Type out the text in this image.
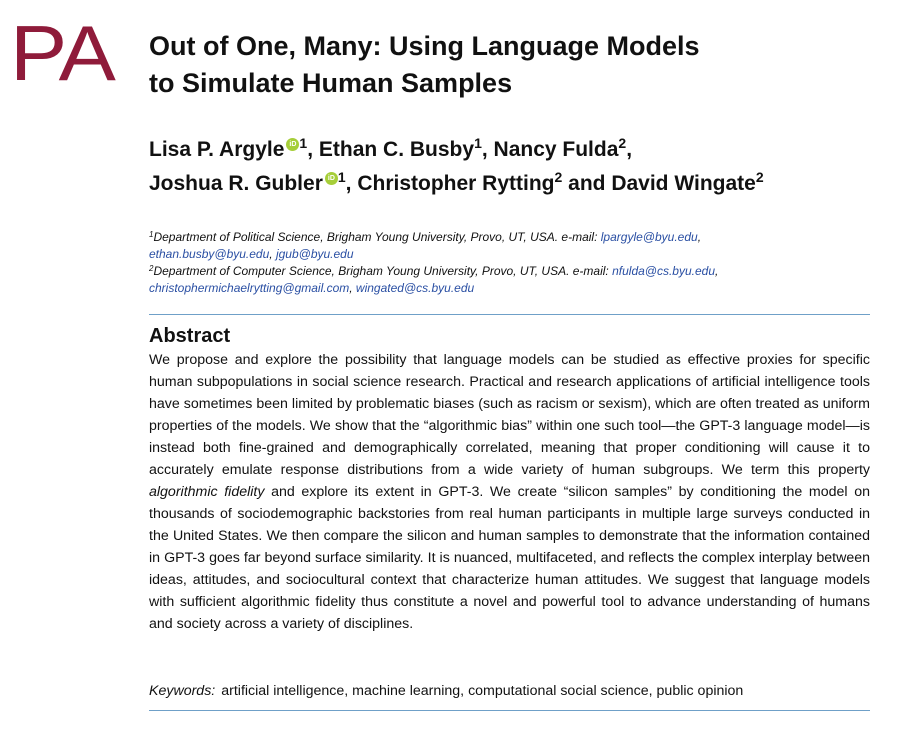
PA Out of One, Many: Using Language Models
to Simulate Human Samples
Lisa P. Argyle iD $^1$, Ethan C. Busby$^1$, Nancy Fulda$^2$,
Joshua R. Gubler iD $^1$, Christopher Rytting$^2$ and David Wingate$^2$
$^1$Department of Political Science, Brigham Young University, Provo, UT, USA. e-mail: lpargyle@byu.edu,
ethan.busby@byu.edu, jgub@byu.edu
$^2$Department of Computer Science, Brigham Young University, Provo, UT, USA. e-mail: nfulda@cs.byu.edu,
christophermichaelrytting@gmail.com, wingated@cs.byu.edu
Abstract

We propose and explore the possibility that language models can be studied as effective proxies for specific human subpopulations in social science research. Practical and research applications of artificial intelligence tools have sometimes been limited by problematic biases (such as racism or sexism), which are often treated as uniform properties of the models. We show that the “algorithmic bias” within one such tool—the GPT-3 language model—is instead both fine-grained and demographically correlated, meaning that proper conditioning will cause it to accurately emulate response distributions from a wide variety of human subgroups. We term this property algorithmic fidelity and explore its extent in GPT-3. We create “silicon samples” by conditioning the model on thousands of sociodemographic backstories from real human participants in multiple large surveys conducted in the United States. We then compare the silicon and human samples to demonstrate that the information contained in GPT-3 goes far beyond surface similarity. It is nuanced, multifaceted, and reflects the complex interplay between ideas, attitudes, and sociocultural context that characterize human attitudes. We suggest that language models with sufficient algorithmic fidelity thus constitute a novel and powerful tool to advance understanding of humans and society across a variety of disciplines.

Keywords: artificial intelligence, machine learning, computational social science, public opinion
